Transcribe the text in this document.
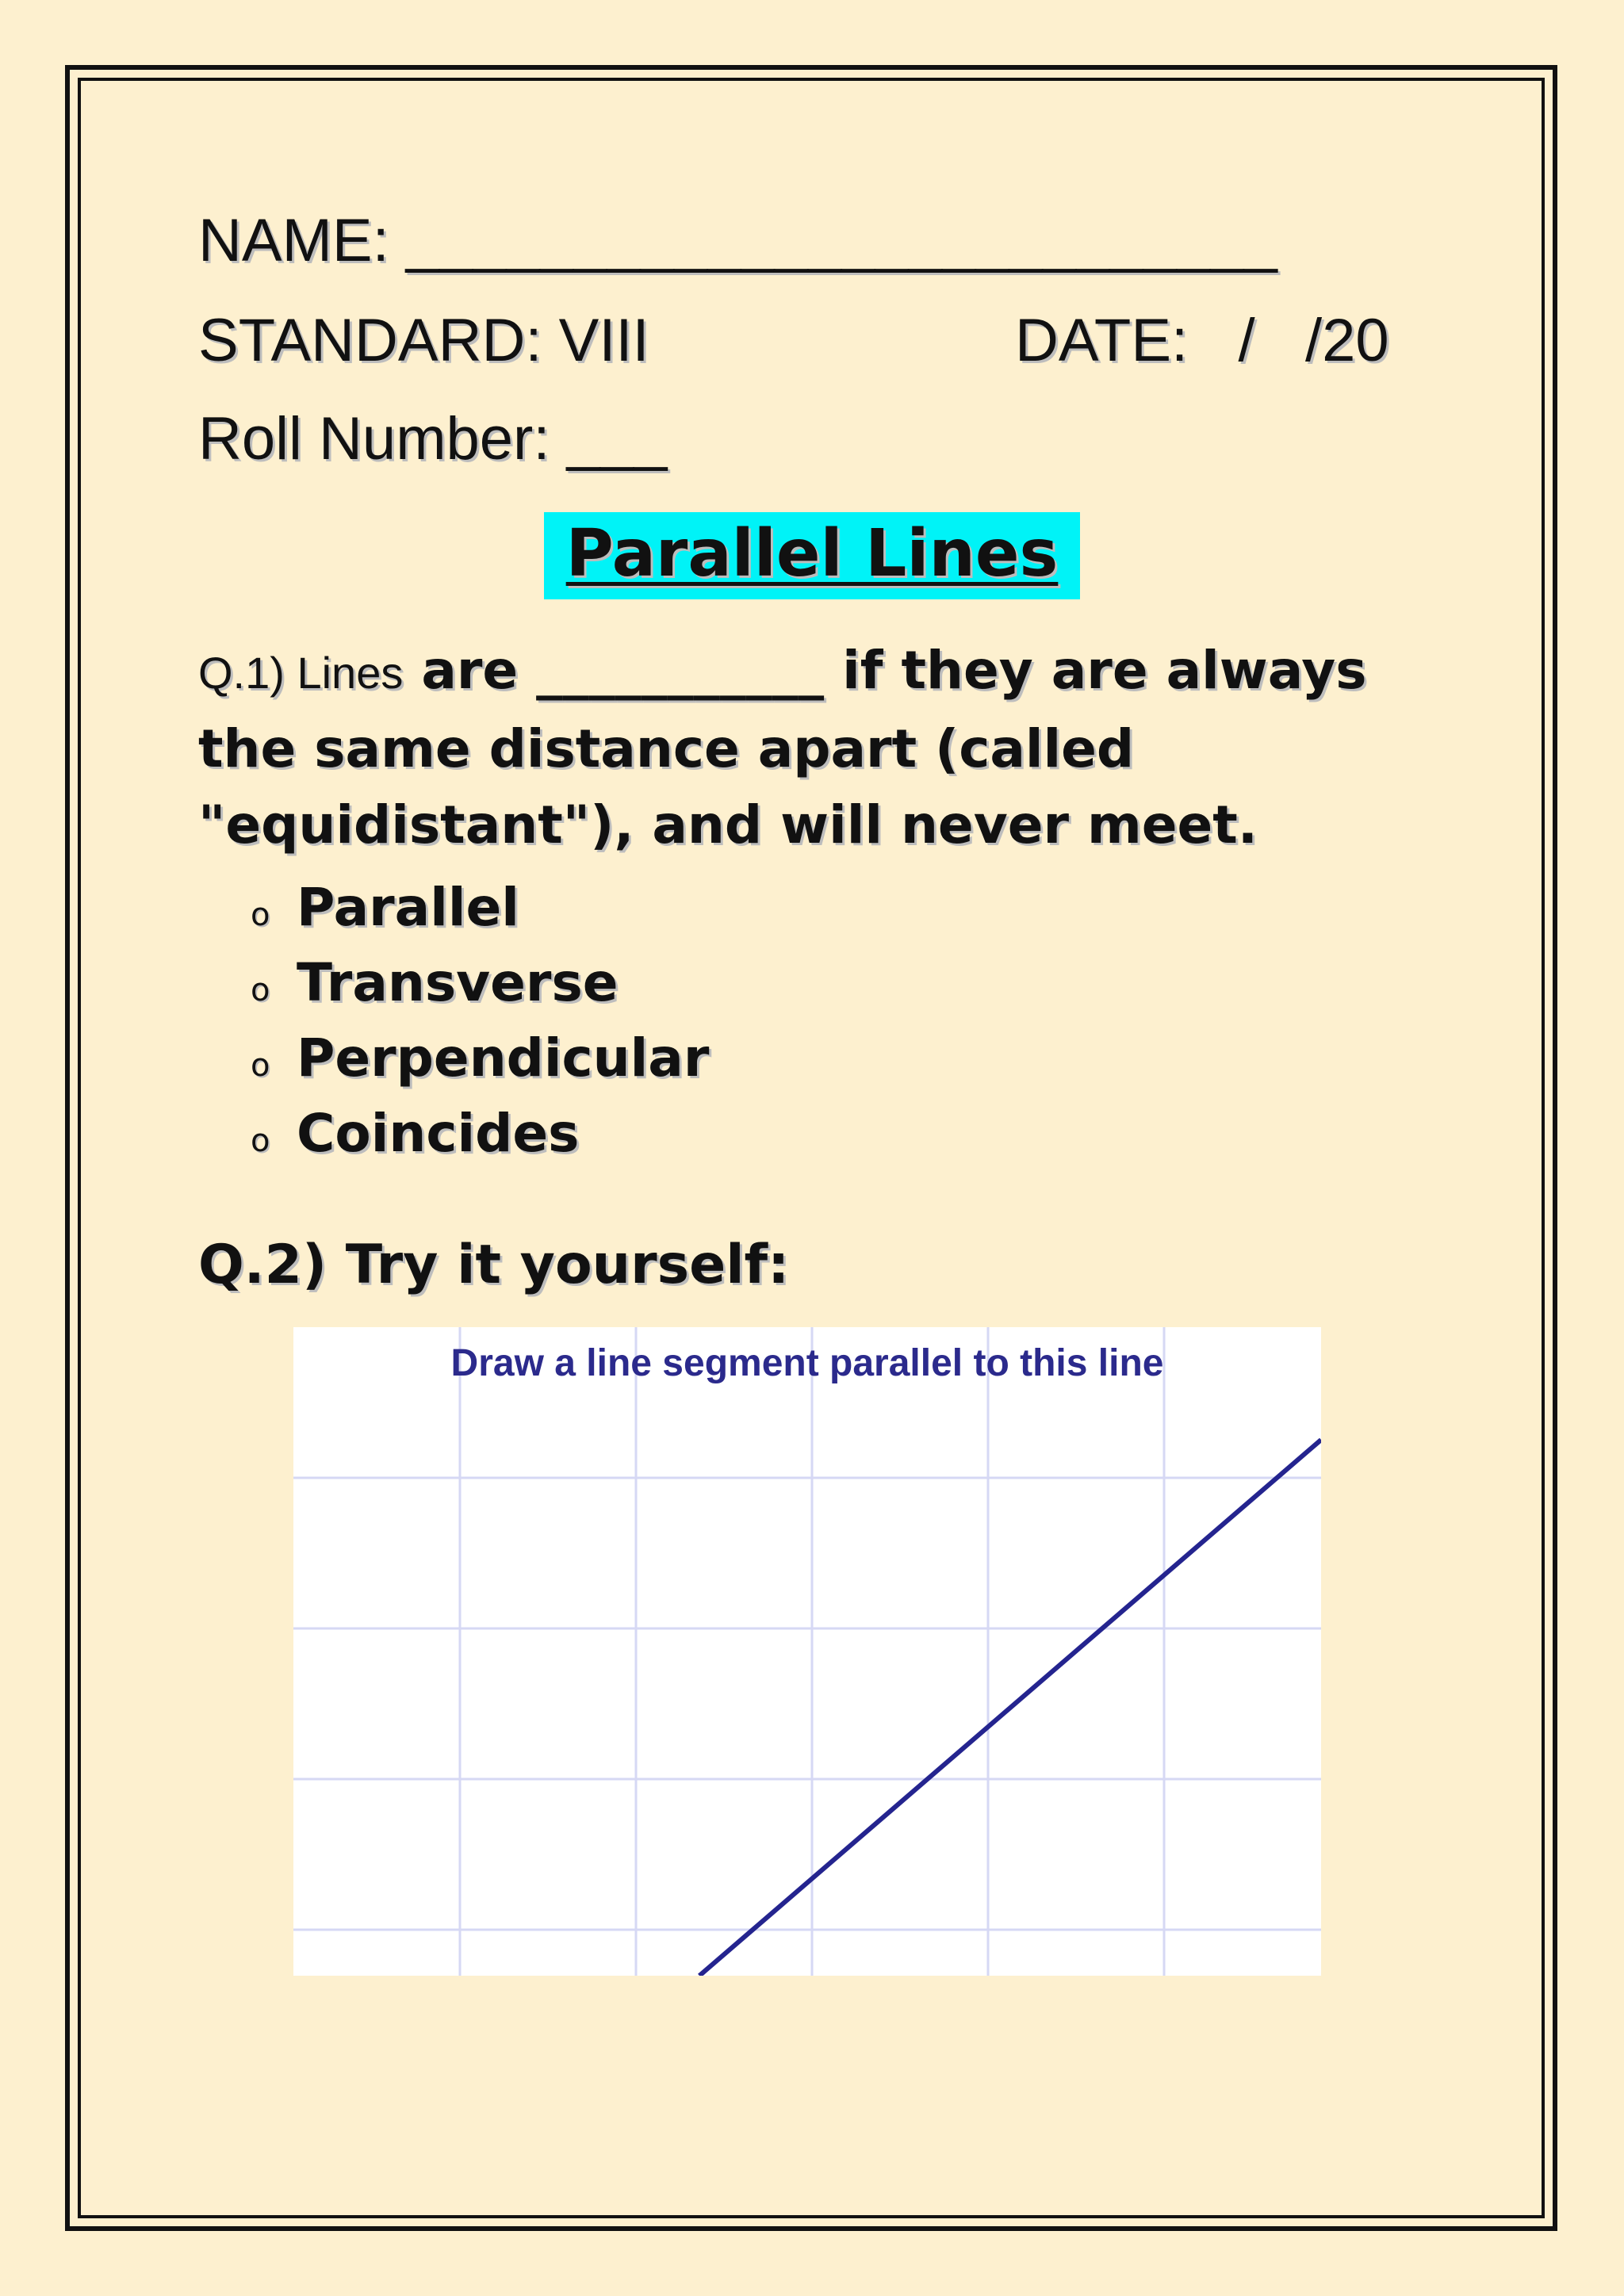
NAME: __________________________
STANDARD: VIII	DATE:   /   /20
Roll Number: ___
Parallel Lines
Q.1) Lines are ___________ if they are always the same distance apart (called "equidistant"), and will never meet.
o Parallel
o Transverse
o Perpendicular
o Coincides
Q.2) Try it yourself:
Draw a line segment parallel to this line
